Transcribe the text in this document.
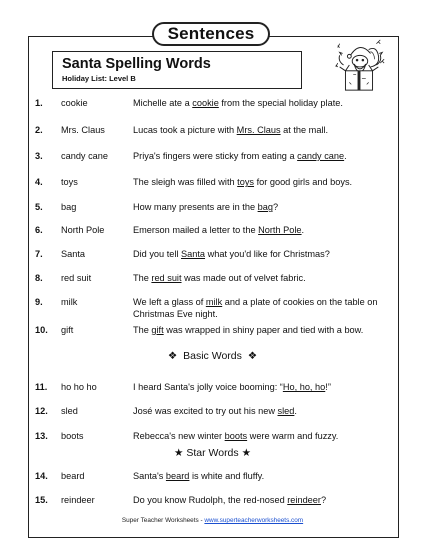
Sentences
Santa Spelling Words
Holiday List: Level B
1. cookie	Michelle ate a cookie from the special holiday plate.
2. Mrs. Claus	Lucas took a picture with Mrs. Claus at the mall.
3. candy cane	Priya's fingers were sticky from eating a candy cane.
4. toys	The sleigh was filled with toys for good girls and boys.
5. bag	How many presents are in the bag?
6. North Pole	Emerson mailed a letter to the North Pole.
7. Santa	Did you tell Santa what you'd like for Christmas?
8. red suit	The red suit was made out of velvet fabric.
9. milk	We left a glass of milk and a plate of cookies on the table on Christmas Eve night.
10. gift	The gift was wrapped in shiny paper and tied with a bow.
11. ho ho ho	I heard Santa's jolly voice booming: “Ho, ho, ho!”
12. sled	José was excited to try out his new sled.
13. boots	Rebecca's new winter boots were warm and fuzzy.
14. beard	Santa's beard is white and fluffy.
15. reindeer	Do you know Rudolph, the red-nosed reindeer?
❖ Basic Words ❖
★ Star Words ★
Super Teacher Worksheets - www.superteacherworksheets.com
